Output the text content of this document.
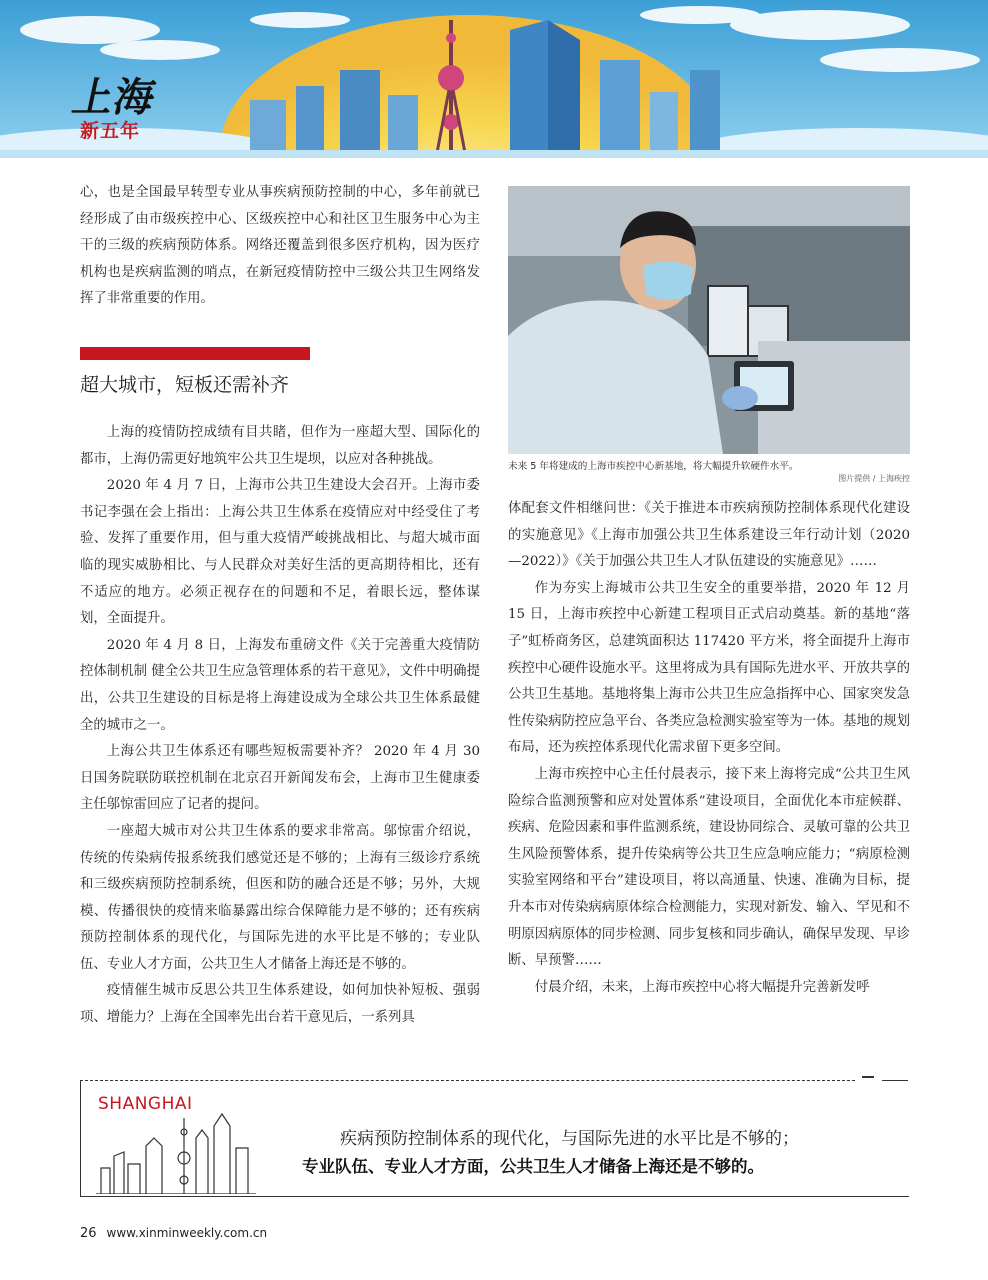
上海
新五年

心，也是全国最早转型专业从事疾病预防控制的中心，多年前就已经形成了由市级疾控中心、区级疾控中心和社区卫生服务中心为主干的三级的疾病预防体系。网络还覆盖到很多医疗机构，因为医疗机构也是疾病监测的哨点，在新冠疫情防控中三级公共卫生网络发挥了非常重要的作用。

超大城市，短板还需补齐

上海的疫情防控成绩有目共睹，但作为一座超大型、国际化的都市，上海仍需更好地筑牢公共卫生堤坝，以应对各种挑战。

2020 年 4 月 7 日，上海市公共卫生建设大会召开。上海市委书记李强在会上指出：上海公共卫生体系在疫情应对中经受住了考验、发挥了重要作用，但与重大疫情严峻挑战相比、与超大城市面临的现实威胁相比、与人民群众对美好生活的更高期待相比，还有不适应的地方。必须正视存在的问题和不足，着眼长远，整体谋划，全面提升。

2020 年 4 月 8 日，上海发布重磅文件《关于完善重大疫情防控体制机制 健全公共卫生应急管理体系的若干意见》，文件中明确提出，公共卫生建设的目标是将上海建设成为全球公共卫生体系最健全的城市之一。

上海公共卫生体系还有哪些短板需要补齐？ 2020 年 4 月 30 日国务院联防联控机制在北京召开新闻发布会，上海市卫生健康委主任邬惊雷回应了记者的提问。

一座超大城市对公共卫生体系的要求非常高。邬惊雷介绍说，传统的传染病传报系统我们感觉还是不够的；上海有三级诊疗系统和三级疾病预防控制系统，但医和防的融合还是不够；另外，大规模、传播很快的疫情来临暴露出综合保障能力是不够的；还有疾病预防控制体系的现代化，与国际先进的水平比是不够的；专业队伍、专业人才方面，公共卫生人才储备上海还是不够的。

疫情催生城市反思公共卫生体系建设，如何加快补短板、强弱项、增能力？上海在全国率先出台若干意见后，一系列具

未来 5 年将建成的上海市疾控中心新基地，将大幅提升软硬件水平。
图片提供 / 上海疾控

体配套文件相继问世：《关于推进本市疾病预防控制体系现代化建设的实施意见》《上海市加强公共卫生体系建设三年行动计划（2020—2022）》《关于加强公共卫生人才队伍建设的实施意见》……

作为夯实上海城市公共卫生安全的重要举措，2020 年 12 月 15 日，上海市疾控中心新建工程项目正式启动奠基。新的基地“落子”虹桥商务区，总建筑面积达 117420 平方米，将全面提升上海市疾控中心硬件设施水平。这里将成为具有国际先进水平、开放共享的公共卫生基地。基地将集上海市公共卫生应急指挥中心、国家突发急性传染病防控应急平台、各类应急检测实验室等为一体。基地的规划布局，还为疾控体系现代化需求留下更多空间。

上海市疾控中心主任付晨表示，接下来上海将完成“公共卫生风险综合监测预警和应对处置体系”建设项目，全面优化本市症候群、疾病、危险因素和事件监测系统，建设协同综合、灵敏可靠的公共卫生风险预警体系，提升传染病等公共卫生应急响应能力；“病原检测实验室网络和平台”建设项目，将以高通量、快速、准确为目标，提升本市对传染病病原体综合检测能力，实现对新发、输入、罕见和不明原因病原体的同步检测、同步复核和同步确认，确保早发现、早诊断、早预警……

付晨介绍，未来，上海市疾控中心将大幅提升完善新发呼

SHANGHAI
疾病预防控制体系的现代化，与国际先进的水平比是不够的；
专业队伍、专业人才方面，公共卫生人才储备上海还是不够的。
26 www.xinminweekly.com.cn
